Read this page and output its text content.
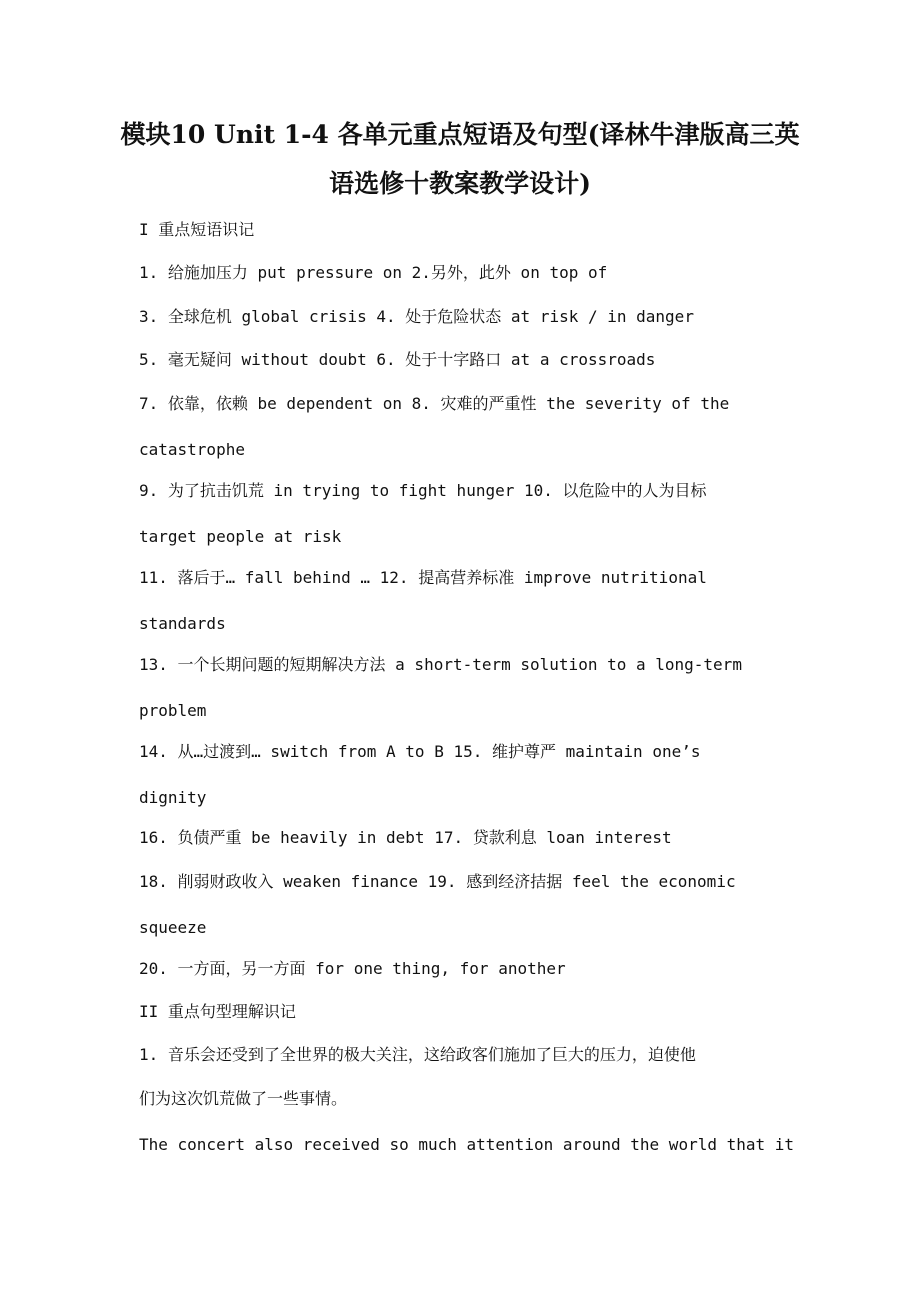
模块10 Unit 1-4 各单元重点短语及句型(译林牛津版高三英
语选修十教案教学设计)
I 重点短语识记
1. 给施加压力 put pressure on 2.另外，此外 on top of
3. 全球危机 global crisis 4. 处于危险状态 at risk / in danger
5. 毫无疑问 without doubt 6. 处于十字路口 at a crossroads
7. 依靠，依赖 be dependent on 8. 灾难的严重性 the severity of the
catastrophe
9. 为了抗击饥荒 in trying to fight hunger 10. 以危险中的人为目标
target people at risk
11. 落后于… fall behind … 12. 提高营养标准 improve nutritional
standards
13. 一个长期问题的短期解决方法 a short-term solution to a long-term
problem
14. 从…过渡到… switch from A to B 15. 维护尊严 maintain one’s
dignity
16. 负债严重 be heavily in debt 17. 贷款利息 loan interest
18. 削弱财政收入 weaken finance 19. 感到经济拮据 feel the economic
squeeze
20. 一方面，另一方面 for one thing, for another
II 重点句型理解识记
1. 音乐会还受到了全世界的极大关注，这给政客们施加了巨大的压力，迫使他
们为这次饥荒做了一些事情。
The concert also received so much attention around the world that it
